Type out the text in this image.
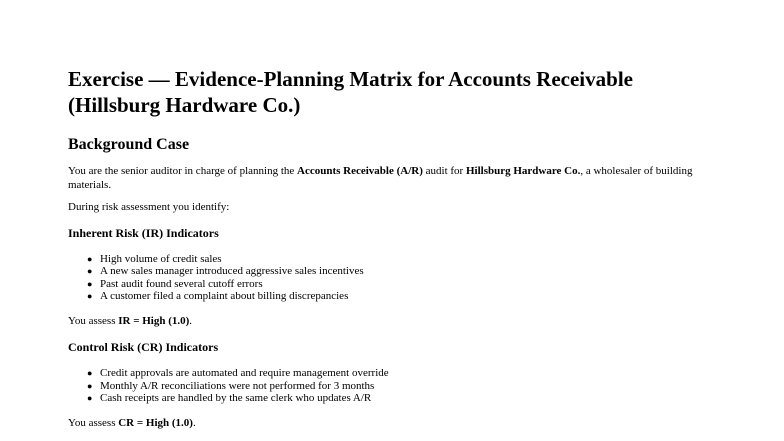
Exercise — Evidence-Planning Matrix for Accounts Receivable
(Hillsburg Hardware Co.)
Background Case

You are the senior auditor in charge of planning the Accounts Receivable (A/R) audit for Hillsburg Hardware Co., a wholesaler of building materials.

During risk assessment you identify:

Inherent Risk (IR) Indicators
● High volume of credit sales
● A new sales manager introduced aggressive sales incentives
● Past audit found several cutoff errors
● A customer filed a complaint about billing discrepancies

You assess IR = High (1.0).

Control Risk (CR) Indicators
● Credit approvals are automated and require management override
● Monthly A/R reconciliations were not performed for 3 months
● Cash receipts are handled by the same clerk who updates A/R

You assess CR = High (1.0).
